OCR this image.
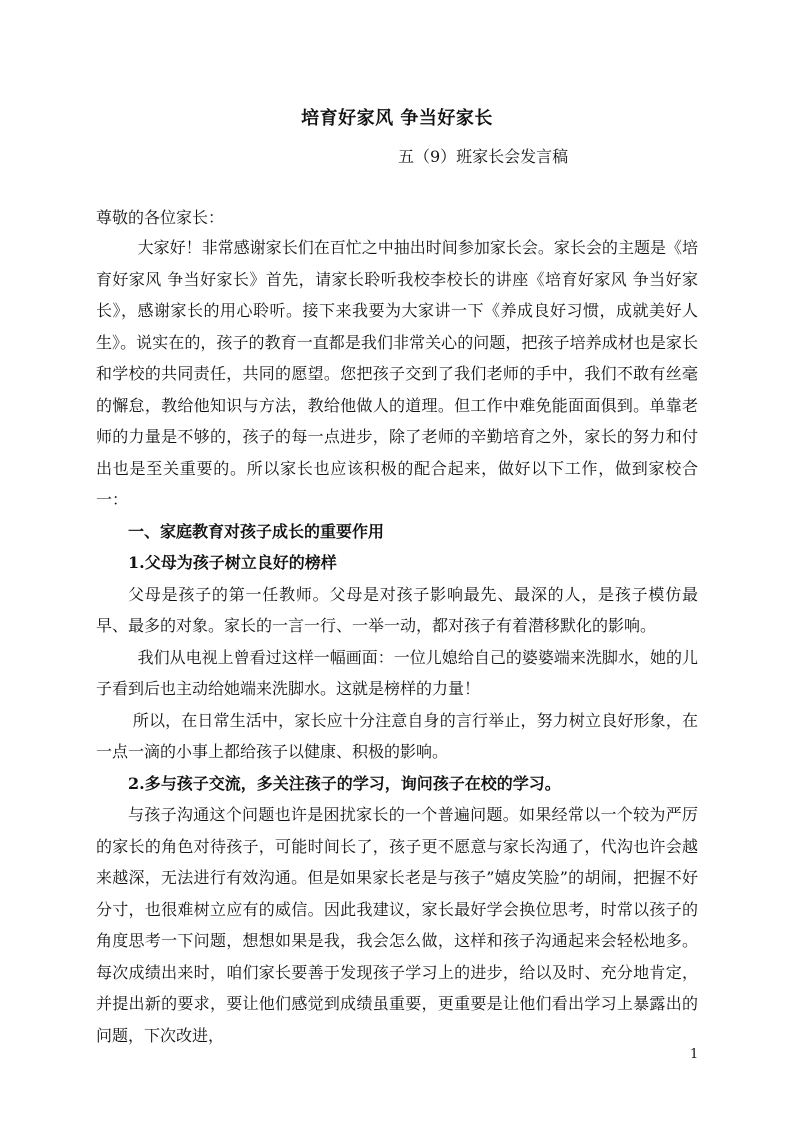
培育好家风 争当好家长
五（9）班家长会发言稿
尊敬的各位家长：

大家好！非常感谢家长们在百忙之中抽出时间参加家长会。家长会的主题是《培育好家风 争当好家长》首先，请家长聆听我校李校长的讲座《培育好家风 争当好家长》，感谢家长的用心聆听。接下来我要为大家讲一下《养成良好习惯，成就美好人生》。说实在的，孩子的教育一直都是我们非常关心的问题，把孩子培养成材也是家长和学校的共同责任，共同的愿望。您把孩子交到了我们老师的手中，我们不敢有丝毫的懈怠，教给他知识与方法，教给他做人的道理。但工作中难免能面面俱到。单靠老师的力量是不够的，孩子的每一点进步，除了老师的辛勤培育之外，家长的努力和付出也是至关重要的。所以家长也应该积极的配合起来，做好以下工作，做到家校合一：

一、家庭教育对孩子成长的重要作用

1.父母为孩子树立良好的榜样

父母是孩子的第一任教师。父母是对孩子影响最先、最深的人，是孩子模仿最早、最多的对象。家长的一言一行、一举一动，都对孩子有着潜移默化的影响。

我们从电视上曾看过这样一幅画面：一位儿媳给自己的婆婆端来洗脚水，她的儿子看到后也主动给她端来洗脚水。这就是榜样的力量！

所以，在日常生活中，家长应十分注意自身的言行举止，努力树立良好形象，在一点一滴的小事上都给孩子以健康、积极的影响。

2.多与孩子交流，多关注孩子的学习，询问孩子在校的学习。

与孩子沟通这个问题也许是困扰家长的一个普遍问题。如果经常以一个较为严厉的家长的角色对待孩子，可能时间长了，孩子更不愿意与家长沟通了，代沟也许会越来越深，无法进行有效沟通。但是如果家长老是与孩子”嬉皮笑脸”的胡闹，把握不好分寸，也很难树立应有的威信。因此我建议，家长最好学会换位思考，时常以孩子的角度思考一下问题，想想如果是我，我会怎么做，这样和孩子沟通起来会轻松地多。每次成绩出来时，咱们家长要善于发现孩子学习上的进步，给以及时、充分地肯定，并提出新的要求，要让他们感觉到成绩虽重要，更重要是让他们看出学习上暴露出的问题，下次改进，

1
